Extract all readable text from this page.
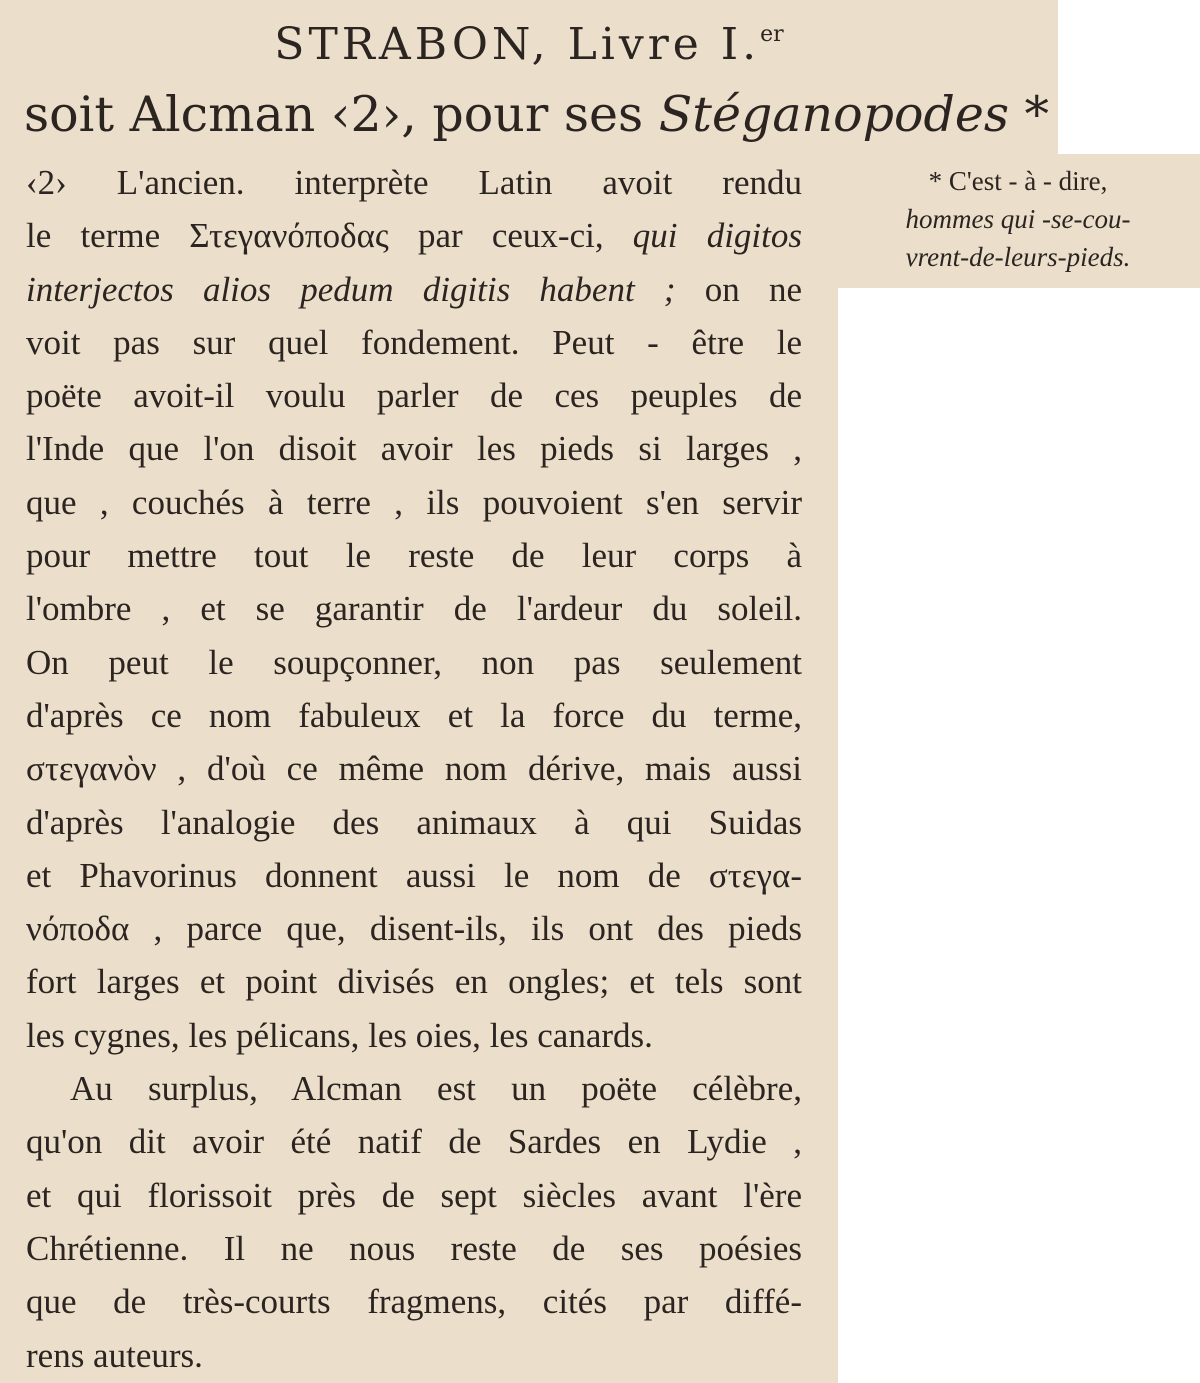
STRABON, Livre I.$^{er}$
soit Alcman ‹2›, pour ses Stéganopodes *
‹2› L'ancien. interprète Latin avoit rendu
le terme Στεγανόποδας par ceux-ci, qui digitos
interjectos alios pedum digitis habent ; on ne
voit pas sur quel fondement. Peut - être le
poëte avoit-il voulu parler de ces peuples de
l'Inde que l'on disoit avoir les pieds si larges ,
que , couchés à terre , ils pouvoient s'en servir
pour mettre tout le reste de leur corps à
l'ombre , et se garantir de l'ardeur du soleil.
On peut le soupçonner, non pas seulement
d'après ce nom fabuleux et la force du terme,
στεγανὸν , d'où ce même nom dérive, mais aussi
d'après l'analogie des animaux à qui Suidas
et Phavorinus donnent aussi le nom de στεγα-
νόποδα , parce que, disent-ils, ils ont des pieds
fort larges et point divisés en ongles; et tels sont
les cygnes, les pélicans, les oies, les canards.
Au surplus, Alcman est un poëte célèbre,
qu'on dit avoir été natif de Sardes en Lydie ,
et qui florissoit près de sept siècles avant l'ère
Chrétienne. Il ne nous reste de ses poésies
que de très-courts fragmens, cités par diffé-
rens auteurs.
* C'est - à - dire,
hommes qui -se-cou-
vrent-de-leurs-pieds.
